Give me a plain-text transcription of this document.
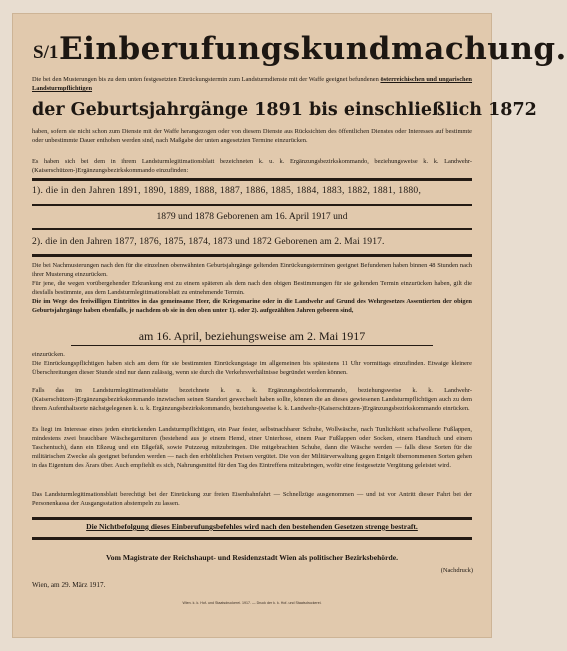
S/1 Einberufungskundmachung.
Die bei den Musterungen bis zu dem unten festgesetzten Einrückungstermin zum Landsturmdienste mit der Waffe geeignet befundenen österreichischen und ungarischen Landsturmpflichtigen
der Geburtsjahrgänge 1891 bis einschließlich 1872
haben, sofern sie nicht schon zum Dienste mit der Waffe herangezogen oder von diesem Dienste aus Rücksichten des öffentlichen Dienstes oder Interesses auf bestimmte oder unbestimmte Dauer enthoben werden sind, nach Maßgabe der unten angesetzten Termine einzurücken.
Es haben sich bei dem in ihrem Landsturmlegitimationsblatt bezeichneten k. u. k. Ergänzungsbezirkskommando, beziehungsweise k. k. Landwehr-(Kaiserschützen-)Ergänzungsbezirkskommando einzufinden:
1). die in den Jahren 1891, 1890, 1889, 1888, 1887, 1886, 1885, 1884, 1883, 1882, 1881, 1880,
1879 und 1878 Geborenen am 16. April 1917 und
2). die in den Jahren 1877, 1876, 1875, 1874, 1873 und 1872 Geborenen am 2. Mai 1917.
Die bei Nachmusterungen nach den für die einzelnen obenwähnten Geburtsjahrgänge geltenden Einrückungsterminen geeignet Befundenen haben binnen 48 Stunden nach ihrer Musterung einzurücken.
Für jene, die wegen vorübergehender Erkrankung erst zu einem späteren als dem nach den obigen Bestimmungen für sie geltenden Termin einzurücken haben, gilt die diesfalls bestimmte, aus dem Landsturmlegitimationsblatt zu entnehmende Termin.
Die im Wege des freiwilligen Eintrittes in das gemeinsame Heer, die Kriegsmarine oder in die Landwehr auf Grund des Wehrgesetzes Assentierten der obigen Geburtsjahrgänge haben ebenfalls, je nachdem ob sie in den oben unter 1). oder 2). aufgezählten Jahren geboren sind,
am 16. April, beziehungsweise am 2. Mai 1917
einzurücken.
Die Einrückungspflichtigen haben sich am dem für sie bestimmten Einrückungstage im allgemeinen bis spätestens 11 Uhr vormittags einzufinden. Etwaige kleinere Überschreitungen dieser Stunde sind nur dann zulässig, wenn sie durch die Verkehrsverhältnisse begründet werden können.
Falls das im Landsturmlegitimationsblatte bezeichnete k. u. k. Ergänzungsbezirkskommando, beziehungsweise k. k. Landwehr-(Kaiserschützen-)Ergänzungsbezirkskommando inzwischen seinen Standort gewechselt haben sollte, können die an dieses gewiesenen Landsturmpflichtigen auch zu dem ihrem Aufenthaltsorte nächstgelegenen k. u. k. Ergänzungsbezirkskommando, beziehungsweise k. k. Landwehr-(Kaiserschützen-)Ergänzungsbezirkskommando einrücken.
Es liegt im Interesse eines jeden einrückenden Landsturmpflichtigen, ein Paar fester, selbstnachbarer Schuhe, Wollwäsche, nach Tunlichkeit schafwollene Fußlappen, mindestens zwei brauchbare Wäschegarnituren (bestehend aus je einem Hemd, einer Unterhose, einem Paar Fußlappen oder Socken, einem Handtuch und einem Taschentuch), dann ein Eßzeug und ein Eßgefäß, sowie Putzzeug mitzubringen. Die mitgebrachten Schuhe, dann die Wäsche werden — falls diese Sorten für die militärischen Zwecke als geeignet befunden werden — nach den erhöhtlichen Preisen vergütet. Die von der Militärverwaltung gegen Entgelt übernommenen Sorten gehen in das Eigentum des Ärars über. Auch empfiehlt es sich, Nahrungsmittel für den Tag des Eintreffens mitzubringen, wofür eine festgesetzte Vergütung geleistet wird.
Das Landsturmlegitimationsblatt berechtigt bei der Einrückung zur freien Eisenbahnfahrt — Schnellzüge ausgenommen — und ist vor Antritt dieser Fahrt bei der Personenkassa der Ausgangsstation abstempeln zu lassen.
Die Nichtbefolgung dieses Einberufungsbefehles wird nach den bestehenden Gesetzen strenge bestraft.
Vom Magistrate der Reichshaupt- und Residenzstadt Wien als politischer Bezirksbehörde.
(Nachdruck)
Wien, am 29. März 1917.
Wien. k. k. Hof- und Staatsdruckerei. 1917. — Druck der k. k. Hof- und Staatsdruckerei.
